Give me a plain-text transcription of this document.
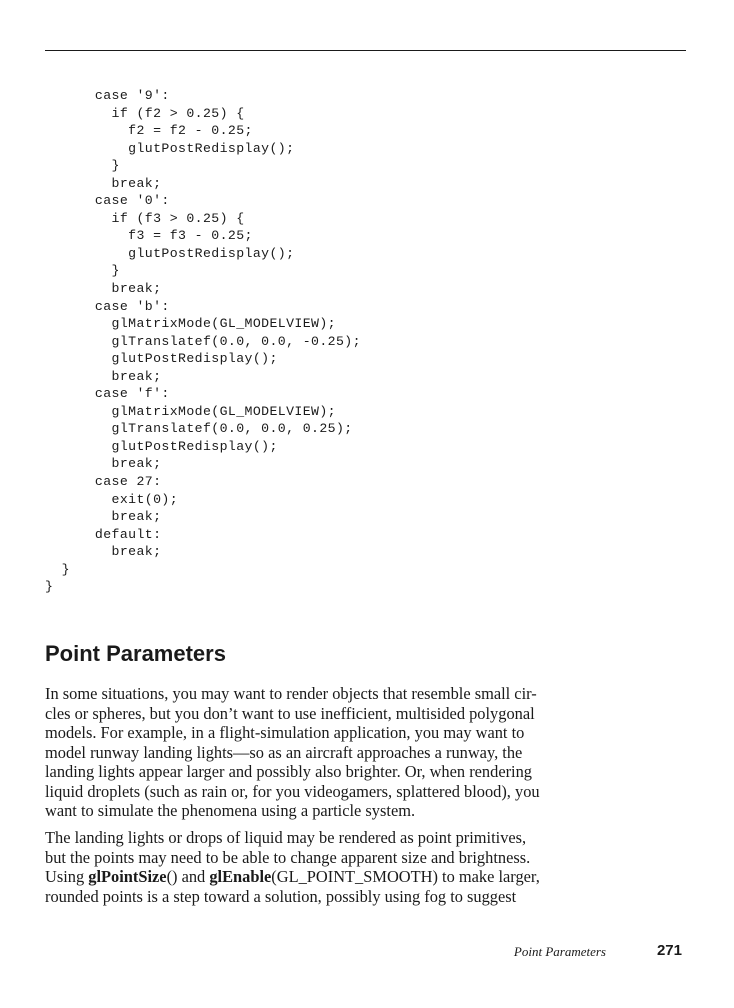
case '9':
if (f2 > 0.25) {
f2 = f2 - 0.25;
glutPostRedisplay();
}
break;
case '0':
if (f3 > 0.25) {
f3 = f3 - 0.25;
glutPostRedisplay();
}
break;
case 'b':
glMatrixMode(GL_MODELVIEW);
glTranslatef(0.0, 0.0, -0.25);
glutPostRedisplay();
break;
case 'f':
glMatrixMode(GL_MODELVIEW);
glTranslatef(0.0, 0.0, 0.25);
glutPostRedisplay();
break;
case 27:
exit(0);
break;
default:
break;
}
}
Point Parameters

In some situations, you may want to render objects that resemble small cir-
cles or spheres, but you don’t want to use inefficient, multisided polygonal
models. For example, in a flight-simulation application, you may want to
model runway landing lights—so as an aircraft approaches a runway, the
landing lights appear larger and possibly also brighter. Or, when rendering
liquid droplets (such as rain or, for you videogamers, splattered blood), you
want to simulate the phenomena using a particle system.

The landing lights or drops of liquid may be rendered as point primitives,
but the points may need to be able to change apparent size and brightness.
Using glPointSize() and glEnable(GL_POINT_SMOOTH) to make larger,
rounded points is a step toward a solution, possibly using fog to suggest

Point Parameters	271
